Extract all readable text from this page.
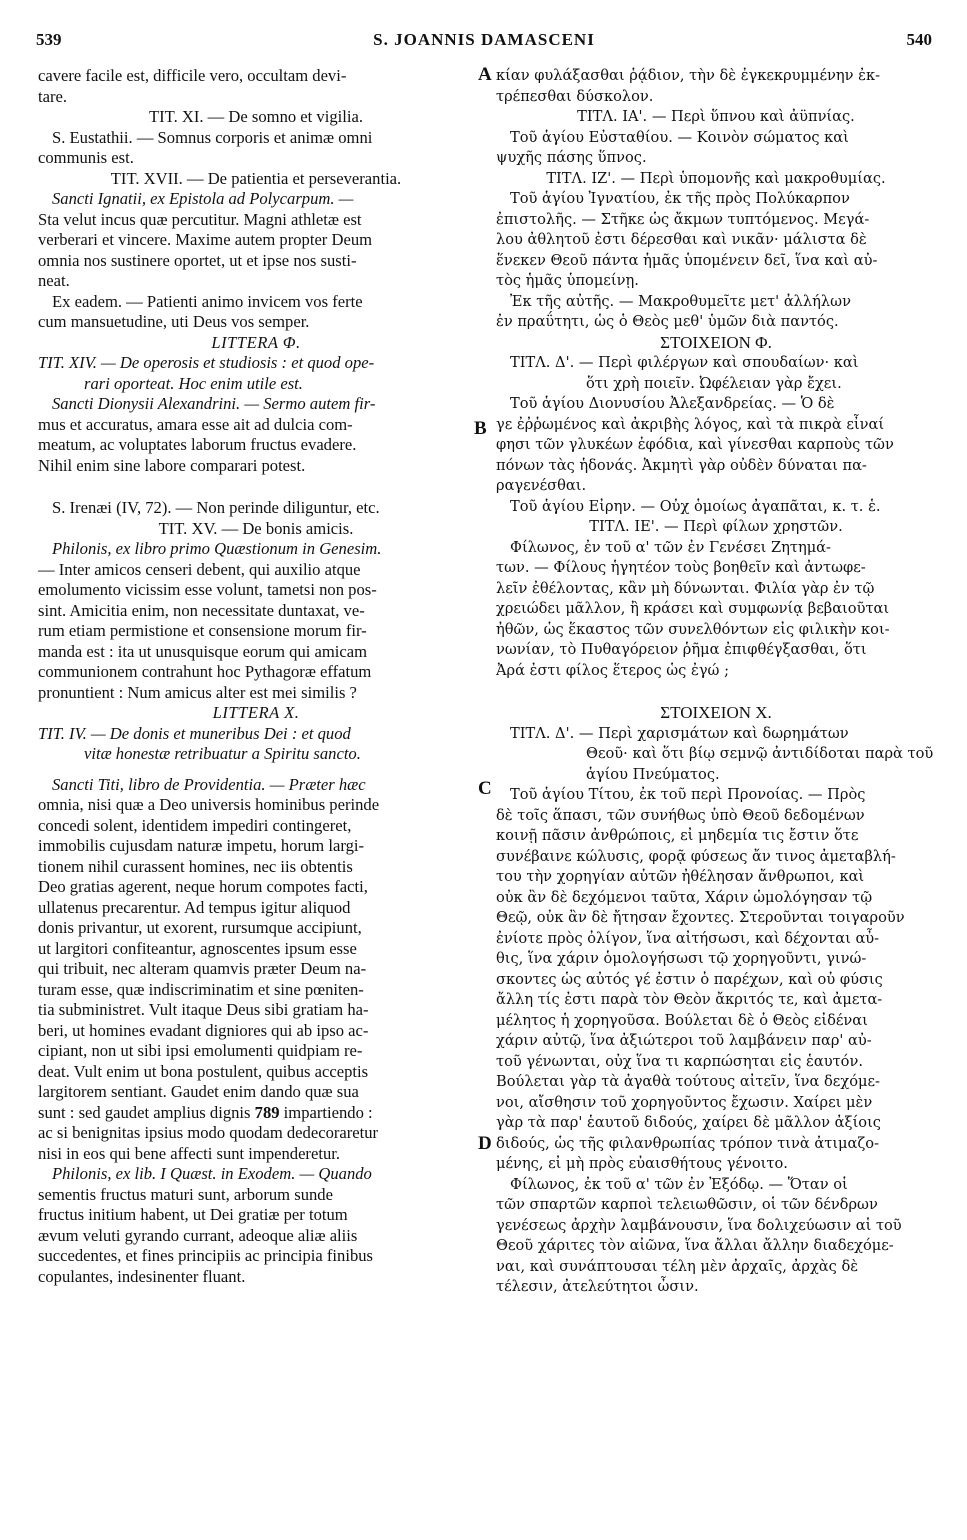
539	S. JOANNIS DAMASCENI	540
A
B
C
D

cavere facile est, difficile vero, occultam devi-

tare.

TIT. XI. — De somno et vigilia.

S. Eustathii. — Somnus corporis et animæ omni

communis est.

TIT. XVII. — De patientia et perseverantia.

Sancti Ignatii, ex Epistola ad Polycarpum. —

Sta velut incus quæ percutitur. Magni athletæ est

verberari et vincere. Maxime autem propter Deum

omnia nos sustinere oportet, ut et ipse nos susti-

neat.

Ex eadem. — Patienti animo invicem vos ferte

cum mansuetudine, uti Deus vos semper.

LITTERA Φ.

TIT. XIV. — De operosis et studiosis : et quod ope-

rari oporteat. Hoc enim utile est.

Sancti Dionysii Alexandrini. — Sermo autem fir-

mus et accuratus, amara esse ait ad dulcia com-

meatum, ac voluptates laborum fructus evadere.

Nihil enim sine labore comparari potest.

S. Irenæi (IV, 72). — Non perinde diliguntur, etc.

TIT. XV. — De bonis amicis.

Philonis, ex libro primo Quæstionum in Genesim.

— Inter amicos censeri debent, qui auxilio atque

emolumento vicissim esse volunt, tametsi non pos-

sint. Amicitia enim, non necessitate duntaxat, ve-

rum etiam permistione et consensione morum fir-

manda est : ita ut unusquisque eorum qui amicam

communionem contrahunt hoc Pythagoræ effatum

pronuntient : Num amicus alter est mei similis ?

LITTERA X.

TIT. IV. — De donis et muneribus Dei : et quod

vitæ honestæ retribuatur a Spiritu sancto.

Sancti Titi, libro de Providentia. — Præter hæc

omnia, nisi quæ a Deo universis hominibus perinde

concedi solent, identidem impediri contingeret,

immobilis cujusdam naturæ impetu, horum largi-

tionem nihil curassent homines, nec iis obtentis

Deo gratias agerent, neque horum compotes facti,

ullatenus precarentur. Ad tempus igitur aliquod

donis privantur, ut exorent, rursumque accipiunt,

ut largitori confiteantur, agnoscentes ipsum esse

qui tribuit, nec alteram quamvis præter Deum na-

turam esse, quæ indiscriminatim et sine pœniten-

tia subministret. Vult itaque Deus sibi gratiam ha-

beri, ut homines evadant digniores qui ab ipso ac-

cipiant, non ut sibi ipsi emolumenti quidpiam re-

deat. Vult enim ut bona postulent, quibus acceptis

largitorem sentiant. Gaudet enim dando quæ sua

sunt : sed gaudet amplius dignis 789 impartiendo :

ac si benignitas ipsius modo quodam dedecoraretur

nisi in eos qui bene affecti sunt impenderetur.

Philonis, ex lib. I Quæst. in Exodem. — Quando

sementis fructus maturi sunt, arborum sunde

fructus initium habent, ut Dei gratiæ per totum

ævum veluti gyrando currant, adeoque aliæ aliis

succedentes, et fines principiis ac principia finibus

copulantes, indesinenter fluant.

κίαν φυλάξασθαι ῥᾴδιον, τὴν δὲ ἐγκεκρυμμένην ἐκ-

τρέπεσθαι δύσκολον.

ΤΙΤΛ. ΙΑ'. — Περὶ ὕπνου καὶ ἀϋπνίας.

Τοῦ ἁγίου Εὐσταθίου. — Κοινὸν σώματος καὶ

ψυχῆς πάσης ὕπνος.

ΤΙΤΛ. ΙΖ'. — Περὶ ὑπομονῆς καὶ μακροθυμίας.

Τοῦ ἁγίου Ἰγνατίου, ἐκ τῆς πρὸς Πολύκαρπον

ἐπιστολῆς. — Στῆκε ὡς ἄκμων τυπτόμενος. Μεγά-

λου ἀθλητοῦ ἐστι δέρεσθαι καὶ νικᾶν· μάλιστα δὲ

ἕνεκεν Θεοῦ πάντα ἡμᾶς ὑπομένειν δεῖ, ἵνα καὶ αὐ-

τὸς ἡμᾶς ὑπομείνῃ.

Ἐκ τῆς αὐτῆς. — Μακροθυμεῖτε μετ' ἀλλήλων

ἐν πραΰτητι, ὡς ὁ Θεὸς μεθ' ὑμῶν διὰ παντός.

ΣΤΟΙΧΕΙΟΝ Φ.

ΤΙΤΛ. Δ'. — Περὶ φιλέργων καὶ σπουδαίων· καὶ

ὅτι χρὴ ποιεῖν. Ὠφέλειαν γὰρ ἔχει.

Τοῦ ἁγίου Διονυσίου Ἀλεξανδρείας. — Ὁ δὲ

γε ἐῤῥωμένος καὶ ἀκριβὴς λόγος, καὶ τὰ πικρὰ εἶναί

φησι τῶν γλυκέων ἐφόδια, καὶ γίνεσθαι καρποὺς τῶν

πόνων τὰς ἡδονάς. Ἀκμητὶ γὰρ οὐδὲν δύναται πα-

ραγενέσθαι.

Τοῦ ἁγίου Εἰρην. — Οὐχ ὁμοίως ἀγαπᾶται, κ. τ. ἑ.

ΤΙΤΛ. ΙΕ'. — Περὶ φίλων χρηστῶν.

Φίλωνος, ἐν τοῦ α' τῶν ἐν Γενέσει Ζητημά-

των. — Φίλους ἡγητέον τοὺς βοηθεῖν καὶ ἀντωφε-

λεῖν ἐθέλοντας, κἂν μὴ δύνωνται. Φιλία γὰρ ἐν τῷ

χρειώδει μᾶλλον, ἢ κράσει καὶ συμφωνίᾳ βεβαιοῦται

ἠθῶν, ὡς ἕκαστος τῶν συνελθόντων εἰς φιλικὴν κοι-

νωνίαν, τὸ Πυθαγόρειον ῥῆμα ἐπιφθέγξασθαι, ὅτι

Ἀρά ἐστι φίλος ἕτερος ὡς ἐγώ ;

ΣΤΟΙΧΕΙΟΝ Χ.

ΤΙΤΛ. Δ'. — Περὶ χαρισμάτων καὶ δωρημάτων

Θεοῦ· καὶ ὅτι βίῳ σεμνῷ ἀντιδίδοται παρὰ τοῦ

ἁγίου Πνεύματος.

Τοῦ ἁγίου Τίτου, ἐκ τοῦ περὶ Προνοίας. — Πρὸς

δὲ τοῖς ἅπασι, τῶν συνήθως ὑπὸ Θεοῦ δεδομένων

κοινῇ πᾶσιν ἀνθρώποις, εἰ μηδεμία τις ἔστιν ὅτε

συνέβαινε κώλυσις, φορᾷ φύσεως ἄν τινος ἀμεταβλή-

του τὴν χορηγίαν αὐτῶν ἠθέλησαν ἄνθρωποι, καὶ

οὐκ ἂν δὲ δεχόμενοι ταῦτα, Χάριν ὡμολόγησαν τῷ

Θεῷ, οὐκ ἂν δὲ ἤτησαν ἔχοντες. Στεροῦνται τοιγαροῦν

ἐνίοτε πρὸς ὀλίγον, ἵνα αἰτήσωσι, καὶ δέχονται αὖ-

θις, ἵνα χάριν ὁμολογήσωσι τῷ χορηγοῦντι, γινώ-

σκοντες ὡς αὐτός γέ ἐστιν ὁ παρέχων, καὶ οὐ φύσις

ἄλλη τίς ἐστι παρὰ τὸν Θεὸν ἄκριτός τε, καὶ ἀμετα-

μέλητος ἡ χορηγοῦσα. Βούλεται δὲ ὁ Θεὸς εἰδέναι

χάριν αὐτῷ, ἵνα ἀξιώτεροι τοῦ λαμβάνειν παρ' αὐ-

τοῦ γένωνται, οὐχ ἵνα τι καρπώσηται εἰς ἑαυτόν.

Βούλεται γὰρ τὰ ἀγαθὰ τούτους αἰτεῖν, ἵνα δεχόμε-

νοι, αἴσθησιν τοῦ χορηγοῦντος ἔχωσιν. Χαίρει μὲν

γὰρ τὰ παρ' ἑαυτοῦ διδούς, χαίρει δὲ μᾶλλον ἀξίοις

διδούς, ὡς τῆς φιλανθρωπίας τρόπον τινὰ ἀτιμαζο-

μένης, εἰ μὴ πρὸς εὐαισθήτους γένοιτο.

Φίλωνος, ἐκ τοῦ α' τῶν ἐν Ἐξόδῳ. — Ὅταν οἱ

τῶν σπαρτῶν καρποὶ τελειωθῶσιν, οἱ τῶν δένδρων

γενέσεως ἀρχὴν λαμβάνουσιν, ἵνα δολιχεύωσιν αἱ τοῦ

Θεοῦ χάριτες τὸν αἰῶνα, ἵνα ἄλλαι ἄλλην διαδεχόμε-

ναι, καὶ συνάπτουσαι τέλη μὲν ἀρχαῖς, ἀρχὰς δὲ

τέλεσιν, ἀτελεύτητοι ὦσιν.
